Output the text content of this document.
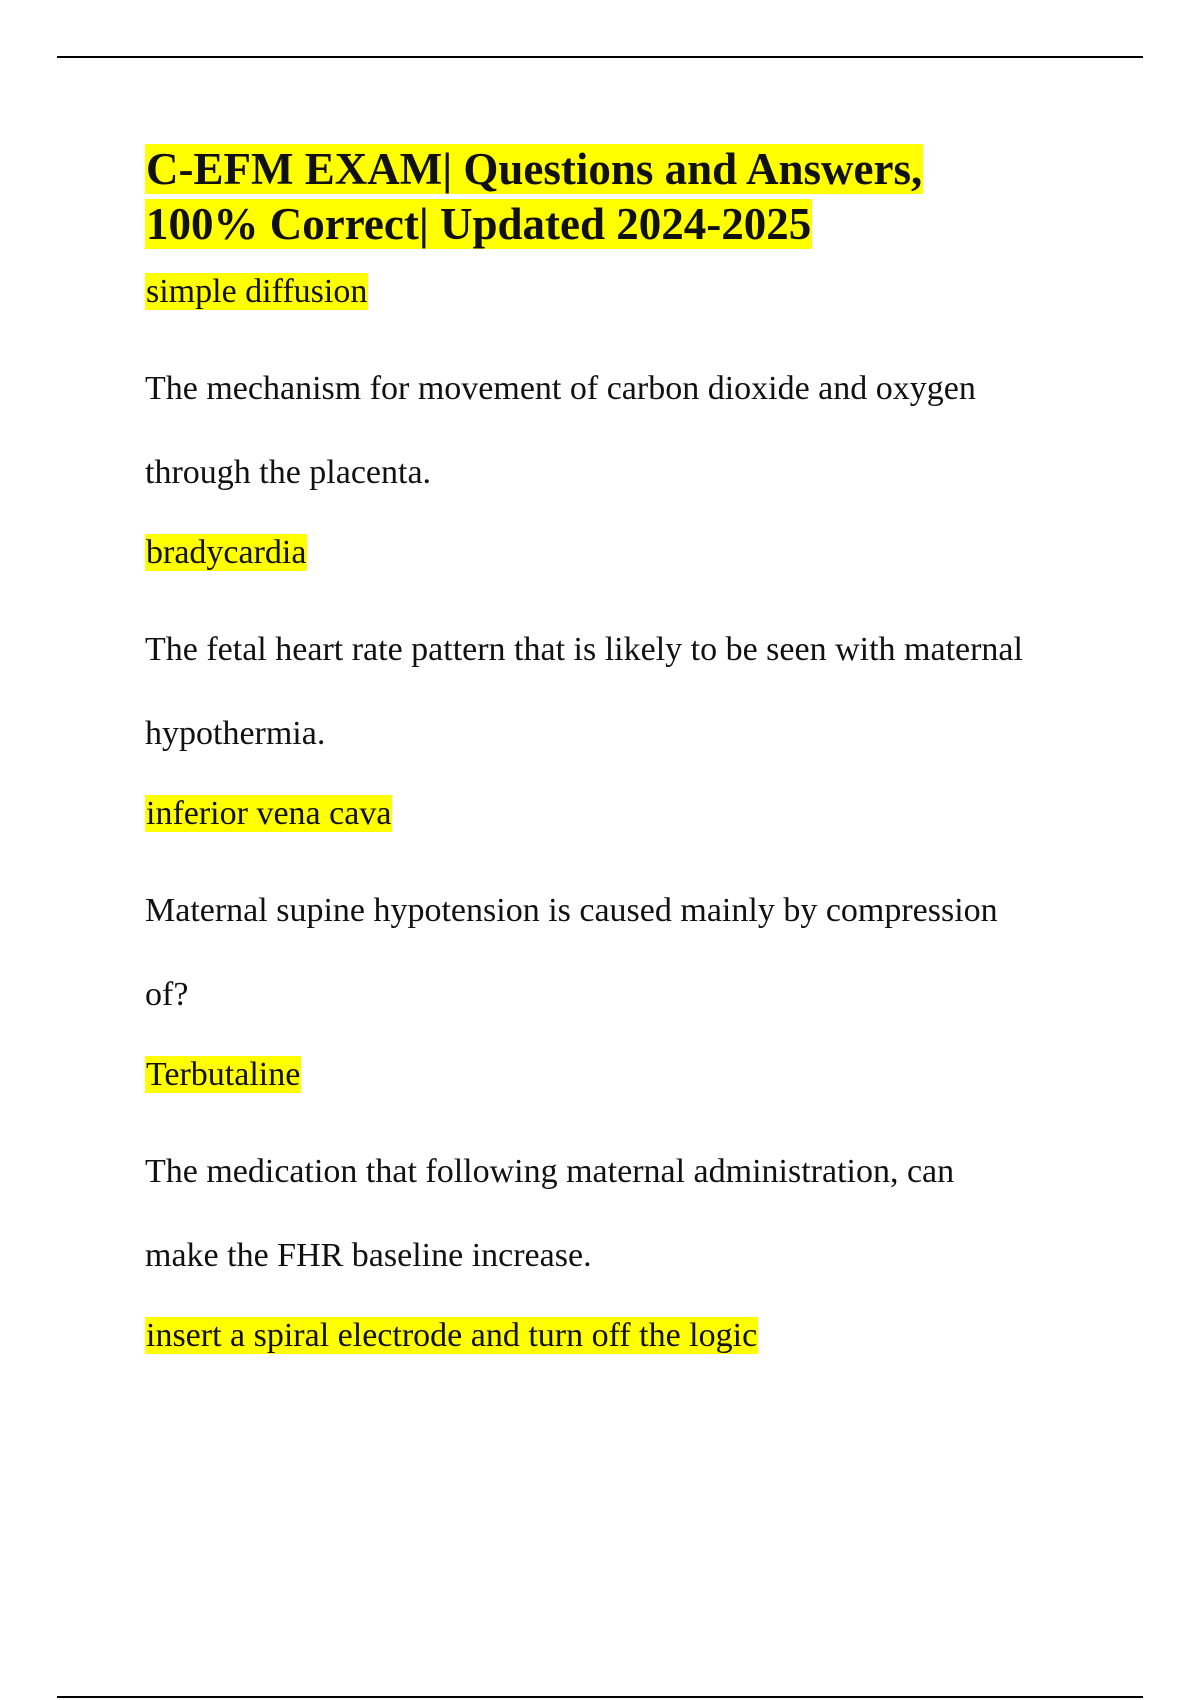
C-EFM EXAM| Questions and Answers,
100% Correct| Updated 2024-2025
simple diffusion

The mechanism for movement of carbon dioxide and oxygen through the placenta.

bradycardia

The fetal heart rate pattern that is likely to be seen with maternal hypothermia.

inferior vena cava

Maternal supine hypotension is caused mainly by compression of?

Terbutaline

The medication that following maternal administration, can make the FHR baseline increase.

insert a spiral electrode and turn off the logic
